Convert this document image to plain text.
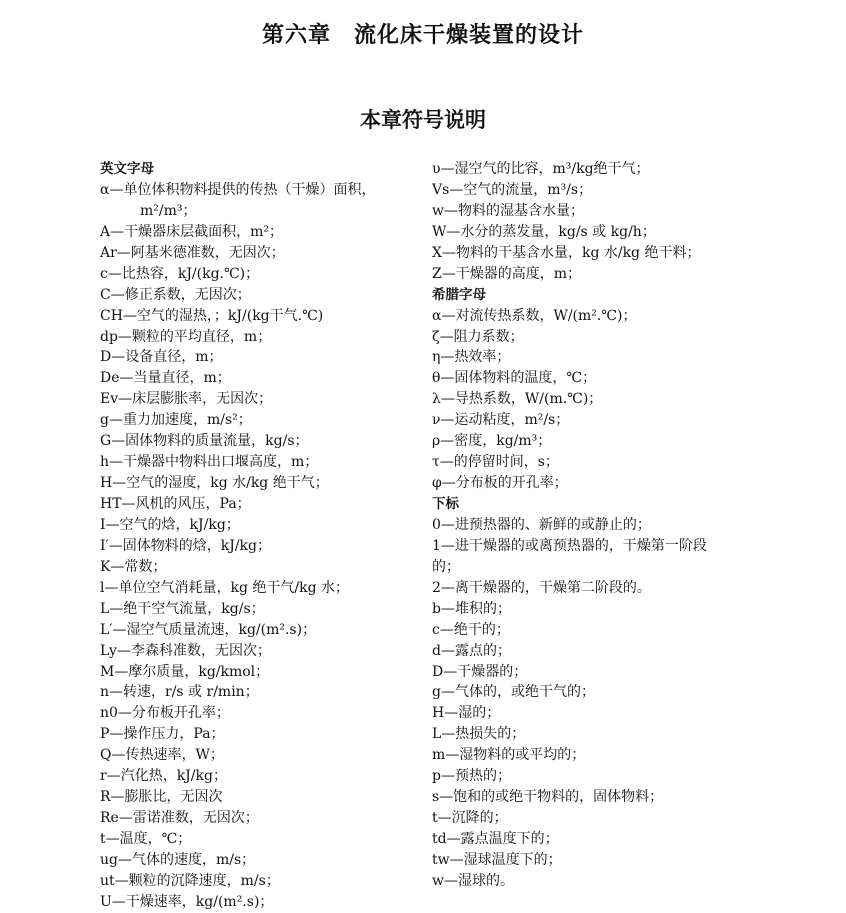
第六章　流化床干燥装置的设计
本章符号说明
英文字母
α—单位体积物料提供的传热（干燥）面积，
m²/m³；
A—干燥器床层截面积，m²；
Ar—阿基米德准数，无因次；
c—比热容，kJ/(kg.℃)；
C—修正系数，无因次；
CH—空气的湿热，；kJ/(kg干气.℃)
dp—颗粒的平均直径，m；
D—设备直径，m；
De—当量直径，m；
Ev—床层膨胀率，无因次；
g—重力加速度，m/s²；
G—固体物料的质量流量，kg/s；
h—干燥器中物料出口堰高度，m；
H—空气的湿度，kg 水/kg 绝干气；
HT—风机的风压，Pa；
I—空气的焓，kJ/kg；
I′—固体物料的焓，kJ/kg；
K—常数；
l—单位空气消耗量，kg 绝干气/kg 水；
L—绝干空气流量，kg/s；
L′—湿空气质量流速，kg/(m².s)；
Ly—李森科准数，无因次；
M—摩尔质量，kg/kmol；
n—转速，r/s 或 r/min；
n0—分布板开孔率；
P—操作压力，Pa；
Q—传热速率，W；
r—汽化热，kJ/kg；
R—膨胀比，无因次
Re—雷诺准数，无因次；
t—温度，℃；
ug—气体的速度，m/s；
ut—颗粒的沉降速度，m/s；
U—干燥速率，kg/(m².s)；
υ—湿空气的比容，m³/kg绝干气；
Vs—空气的流量，m³/s；
w—物料的湿基含水量；
W—水分的蒸发量，kg/s 或 kg/h；
X—物料的干基含水量，kg 水/kg 绝干料；
Z—干燥器的高度，m；
希腊字母
α—对流传热系数，W/(m².℃)；
ζ—阻力系数；
η—热效率；
θ—固体物料的温度，℃；
λ—导热系数，W/(m.℃)；
ν—运动粘度，m²/s；
ρ—密度，kg/m³；
τ—的停留时间，s；
φ—分布板的开孔率；
下标
0—进预热器的、新鲜的或静止的；
1—进干燥器的或离预热器的，干燥第一阶段
的；
2—离干燥器的，干燥第二阶段的。
b—堆积的；
c—绝干的；
d—露点的；
D—干燥器的；
g—气体的，或绝干气的；
H—湿的；
L—热损失的；
m—湿物料的或平均的；
p—预热的；
s—饱和的或绝干物料的，固体物料；
t—沉降的；
td—露点温度下的；
tw—湿球温度下的；
w—湿球的。
